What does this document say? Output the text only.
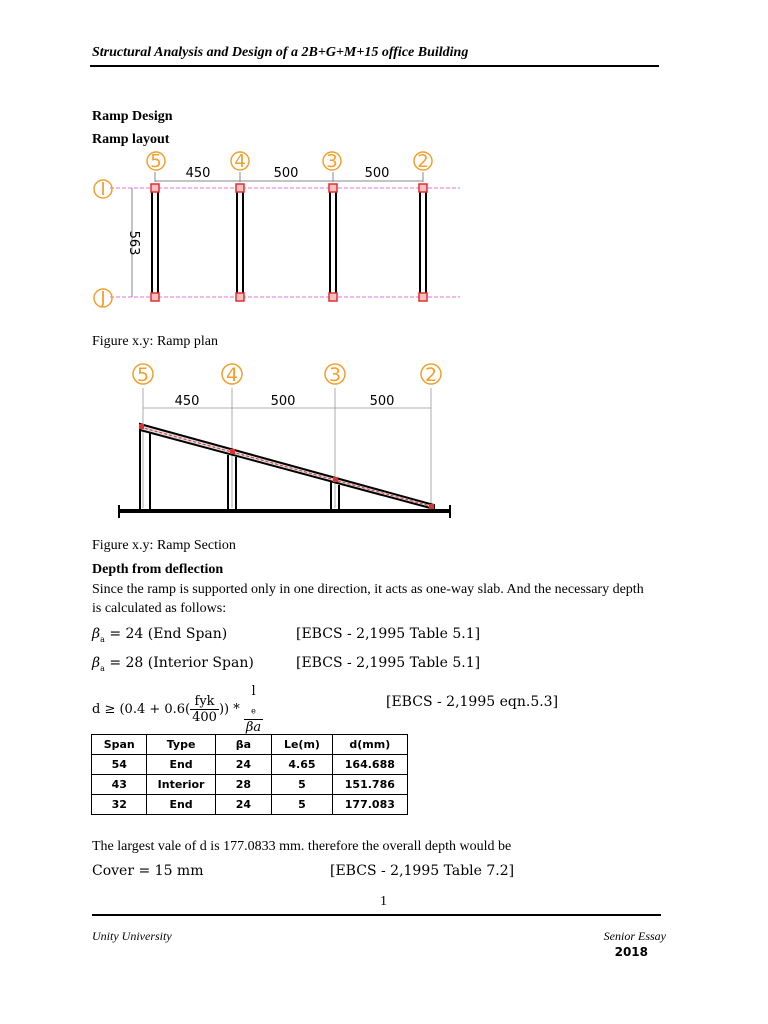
Structural Analysis and Design of a 2B+G+M+15 office Building
Ramp Design
Ramp layout
5	4	3	2
I
J
450	500	500
563
Figure x.y: Ramp plan
5	4	3	2
450	500	500
Figure x.y: Ramp Section
Depth from deflection
Since the ramp is supported only in one direction, it acts as one-way slab. And the necessary depth
is calculated as follows:
$\beta_a = 24$ (End Span)	[EBCS - 2,1995 Table 5.1]
$\beta_a = 28$ (Interior Span)	[EBCS - 2,1995 Table 5.1]
$d \ge (0.4 + 0.6( \frac{\text{fyk}}{400}$ )) * l
$_e$
βa	[EBCS - 2,1995 eqn.5.3]
Span	Type	βa	Le(m)	d(mm)
54	End	24	4.65	164.688
43	Interior	28	5	151.786
32	End	24	5	177.083
The largest vale of d is 177.0833 mm. therefore the overall depth would be
Cover = 15 mm	[EBCS - 2,1995 Table 7.2]
1
Unity University	Senior Essay
2018
